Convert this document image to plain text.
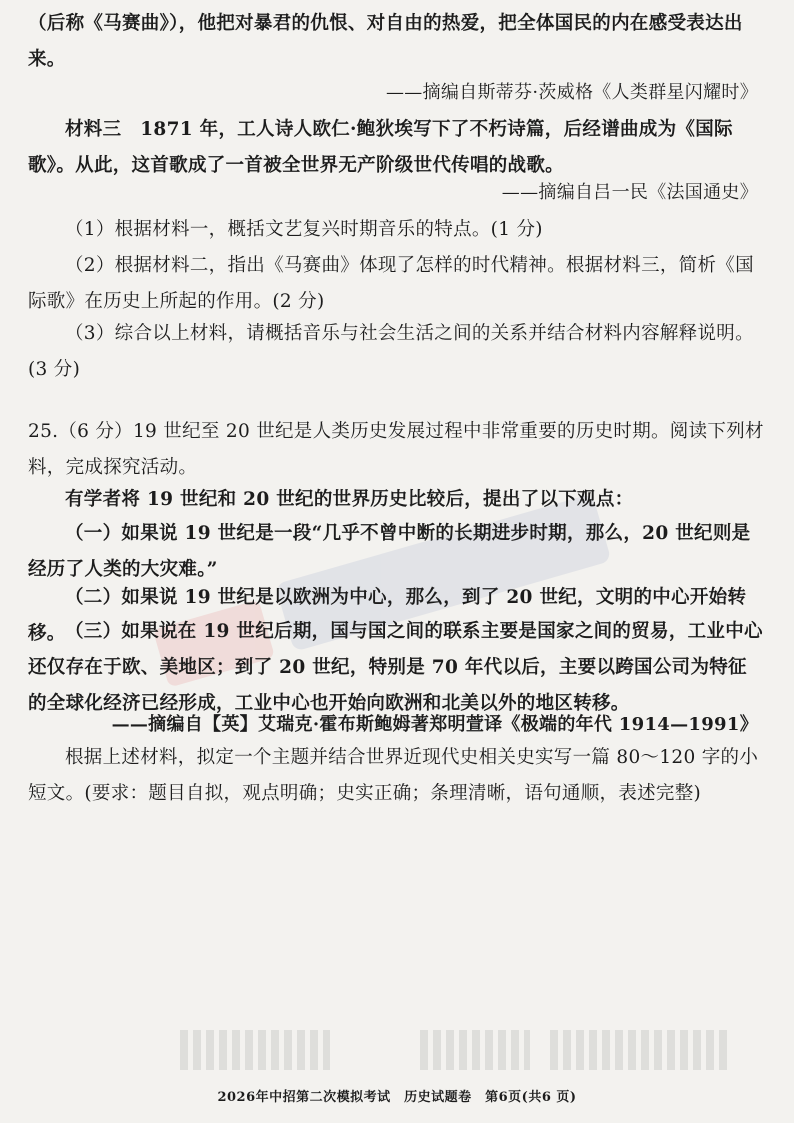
（后称《马赛曲》），他把对暴君的仇恨、对自由的热爱，把全体国民的内在感受表达出来。
——摘编自斯蒂芬·茨威格《人类群星闪耀时》
材料三　 1871 年，工人诗人欧仁·鲍狄埃写下了不朽诗篇，后经谱曲成为《国际歌》。从此，这首歌成了一首被全世界无产阶级世代传唱的战歌。
——摘编自吕一民《法国通史》
（1）根据材料一，概括文艺复兴时期音乐的特点。(1 分)
（2）根据材料二，指出《马赛曲》体现了怎样的时代精神。根据材料三，简析《国际歌》在历史上所起的作用。(2 分)
（3）综合以上材料，请概括音乐与社会生活之间的关系并结合材料内容解释说明。(3 分)
25.（6 分）19 世纪至 20 世纪是人类历史发展过程中非常重要的历史时期。阅读下列材料，完成探究活动。
有学者将 19 世纪和 20 世纪的世界历史比较后，提出了以下观点：
（一）如果说 19 世纪是一段“几乎不曾中断的长期进步时期，那么，20 世纪则是经历了人类的大灾难。”
（二）如果说 19 世纪是以欧洲为中心，那么，到了 20 世纪，文明的中心开始转移。 （三）如果说在 19 世纪后期，国与国之间的联系主要是国家之间的贸易，工业中心还仅存在于欧、美地区；到了 20 世纪，特别是 70 年代以后，主要以跨国公司为特征的全球化经济已经形成，工业中心也开始向欧洲和北美以外的地区转移。
——摘编自【英】艾瑞克·霍布斯鲍姆著郑明萱译《极端的年代 1914—1991》
根据上述材料，拟定一个主题并结合世界近现代史相关史实写一篇 80～120 字的小短文。(要求：题目自拟，观点明确；史实正确；条理清晰，语句通顺，表述完整)
2026年中招第二次模拟考试　历史试题卷　第6页(共6 页)
